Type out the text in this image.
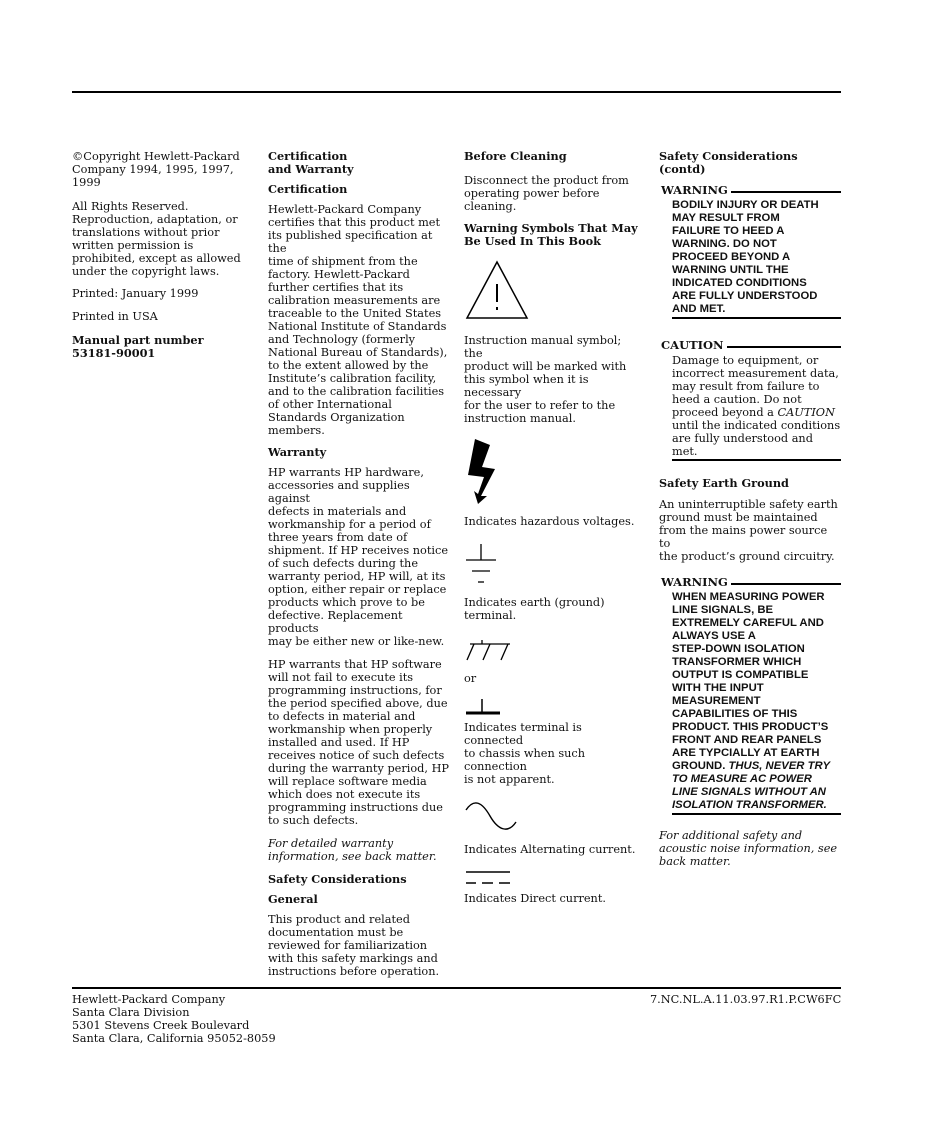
©Copyright Hewlett-Packard
Company 1994, 1995, 1997,
1999

All Rights Reserved.
Reproduction, adaptation, or
translations without prior
written permission is
prohibited, except as allowed
under the copyright laws.

Printed: January 1999

Printed in USA

Manual part number

53181-90001

Certification
and Warranty

Certification

Hewlett-Packard Company
certifies that this product met
its published specification at the
time of shipment from the
factory. Hewlett-Packard
further certifies that its
calibration measurements are
traceable to the United States
National Institute of Standards
and Technology (formerly
National Bureau of Standards),
to the extent allowed by the
Institute’s calibration facility,
and to the calibration facilities
of other International
Standards Organization
members.

Warranty

HP warrants HP hardware,
accessories and supplies against
defects in materials and
workmanship for a period of
three years from date of
shipment. If HP receives notice
of such defects during the
warranty period, HP will, at its
option, either repair or replace
products which prove to be
defective. Replacement products
may be either new or like-new.

HP warrants that HP software
will not fail to execute its
programming instructions, for
the period specified above, due
to defects in material and
workmanship when properly
installed and used. If HP
receives notice of such defects
during the warranty period, HP
will replace software media
which does not execute its
programming instructions due
to such defects.

For detailed warranty
information, see back matter.

Safety Considerations

General

This product and related
documentation must be
reviewed for familiarization
with this safety markings and
instructions before operation.

Before Cleaning

Disconnect the product from
operating power before
cleaning.

Warning Symbols That May
Be Used In This Book

Instruction manual symbol; the
product will be marked with
this symbol when it is necessary
for the user to refer to the
instruction manual.

Indicates hazardous voltages.

Indicates earth (ground)
terminal.

or

Indicates terminal is connected
to chassis when such connection
is not apparent.

Indicates Alternating current.

Indicates Direct current.

Safety Considerations
(contd)

WARNING
BODILY INJURY OR DEATH
MAY RESULT FROM
FAILURE TO HEED A
WARNING. DO NOT
PROCEED BEYOND A
WARNING UNTIL THE
INDICATED CONDITIONS
ARE FULLY UNDERSTOOD
AND MET.
CAUTION
Damage to equipment, or
incorrect measurement data,
may result from failure to
heed a caution. Do not
proceed beyond a CAUTION
until the indicated conditions
are fully understood and met.

Safety Earth Ground

An uninterruptible safety earth
ground must be maintained
from the mains power source to
the product’s ground circuitry.

WARNING
WHEN MEASURING POWER
LINE SIGNALS, BE
EXTREMELY CAREFUL AND
ALWAYS USE A
STEP-DOWN ISOLATION
TRANSFORMER WHICH
OUTPUT IS COMPATIBLE
WITH THE INPUT
MEASUREMENT
CAPABILITIES OF THIS
PRODUCT. THIS PRODUCT’S
FRONT AND REAR PANELS
ARE TYPCIALLY AT EARTH
GROUND. THUS, NEVER TRY
TO MEASURE AC POWER
LINE SIGNALS WITHOUT AN
ISOLATION TRANSFORMER.

For additional safety and
acoustic noise information, see
back matter.

Hewlett-Packard Company
Santa Clara Division
5301 Stevens Creek Boulevard
Santa Clara, California 95052-8059
7.NC.NL.A.11.03.97.R1.P.CW6FC
